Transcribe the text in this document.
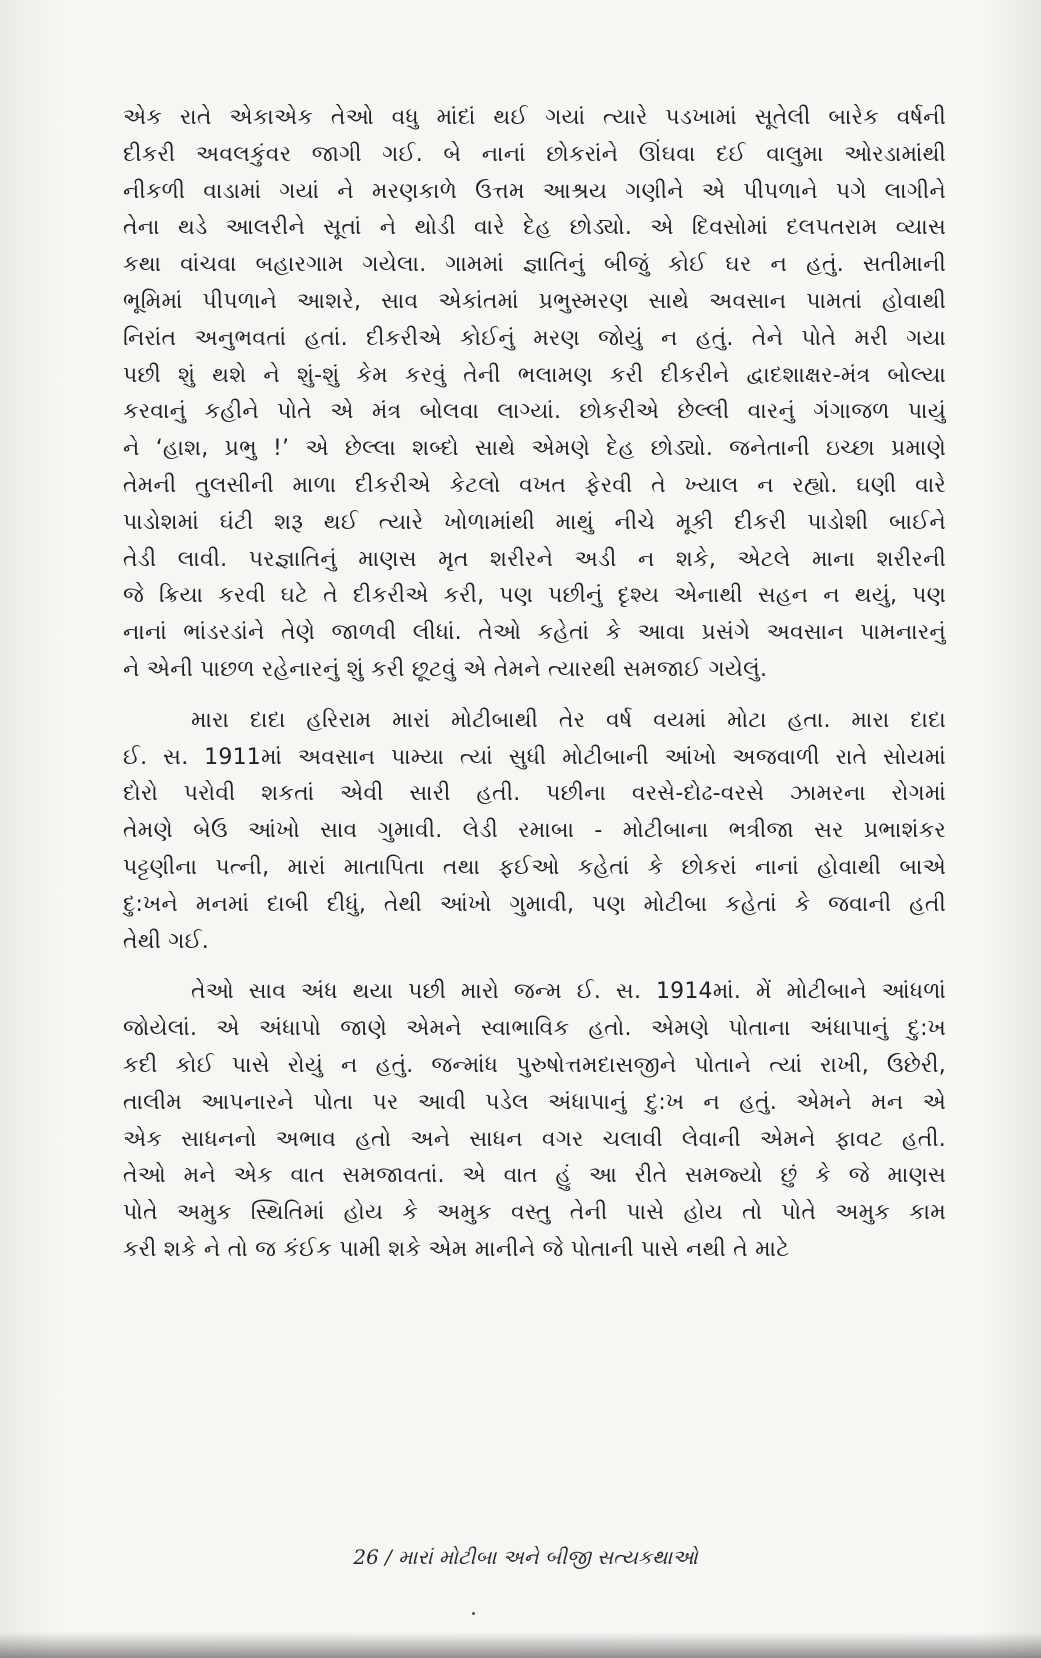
એક રાતે એકાએક તેઓ વધુ માંદાં થઈ ગયાં ત્યારે પડખામાં સૂતેલી બારેક વર્ષની
દીકરી અવલકુંવર જાગી ગઈ. બે નાનાં છોકરાંને ઊંઘવા દઈ વાલુમા ઓરડામાંથી
નીકળી વાડામાં ગયાં ને મરણકાળે ઉત્તમ આશ્રય ગણીને એ પીપળાને પગે લાગીને
તેના થડે આલરીને સૂતાં ને થોડી વારે દેહ છોડ્યો. એ દિવસોમાં દલપતરામ વ્યાસ
કથા વાંચવા બહારગામ ગયેલા. ગામમાં જ્ઞાતિનું બીજું કોઈ ઘર ન હતું. સતીમાની
ભૂમિમાં પીપળાને આશરે, સાવ એકાંતમાં પ્રભુસ્મરણ સાથે અવસાન પામતાં હોવાથી
નિરાંત અનુભવતાં હતાં. દીકરીએ કોઈનું મરણ જોયું ન હતું. તેને પોતે મરી ગયા
પછી શું થશે ને શું-શું કેમ કરવું તેની ભલામણ કરી દીકરીને દ્વાદશાક્ષર-મંત્ર બોલ્યા
કરવાનું કહીને પોતે એ મંત્ર બોલવા લાગ્યાં. છોકરીએ છેલ્લી વારનું ગંગાજળ પાયું
ને ‘હાશ, પ્રભુ !’ એ છેલ્લા શબ્દો સાથે એમણે દેહ છોડ્યો. જનેતાની ઇચ્છા પ્રમાણે
તેમની તુલસીની માળા દીકરીએ કેટલો વખત ફેરવી તે ખ્યાલ ન રહ્યો. ઘણી વારે
પાડોશમાં ઘંટી શરૂ થઈ ત્યારે ખોળામાંથી માથું નીચે મૂકી દીકરી પાડોશી બાઈને
તેડી લાવી. પરજ્ઞાતિનું માણસ મૃત શરીરને અડી ન શકે, એટલે માના શરીરની
જે ક્રિયા કરવી ઘટે તે દીકરીએ કરી, પણ પછીનું દૃશ્ય એનાથી સહન ન થયું, પણ
નાનાં ભાંડરડાંને તેણે જાળવી લીધાં. તેઓ કહેતાં કે આવા પ્રસંગે અવસાન પામનારનું
ને એની પાછળ રહેનારનું શું કરી છૂટવું એ તેમને ત્યારથી સમજાઈ ગયેલું.
મારા દાદા હરિરામ મારાં મોટીબાથી તેર વર્ષ વયમાં મોટા હતા. મારા દાદા
ઈ. સ. 1911માં અવસાન પામ્યા ત્યાં સુધી મોટીબાની આંખો અજવાળી રાતે સોયમાં
દોરો પરોવી શકતાં એવી સારી હતી. પછીના વરસે-દોઢ-વરસે ઝામરના રોગમાં
તેમણે બેઉ આંખો સાવ ગુમાવી. લેડી રમાબા - મોટીબાના ભત્રીજા સર પ્રભાશંકર
પટ્ટણીના પત્ની, મારાં માતાપિતા તથા ફઈઓ કહેતાં કે છોકરાં નાનાં હોવાથી બાએ
દુ:ખને મનમાં દાબી દીધું, તેથી આંખો ગુમાવી, પણ મોટીબા કહેતાં કે જવાની હતી
તેથી ગઈ.
તેઓ સાવ અંધ થયા પછી મારો જન્મ ઈ. સ. 1914માં. મેં મોટીબાને આંધળાં
જોયેલાં. એ અંધાપો જાણે એમને સ્વાભાવિક હતો. એમણે પોતાના અંધાપાનું દુ:ખ
કદી કોઈ પાસે રોયું ન હતું. જન્માંધ પુરુષોત્તમદાસજીને પોતાને ત્યાં રાખી, ઉછેરી,
તાલીમ આપનારને પોતા પર આવી પડેલ અંધાપાનું દુ:ખ ન હતું. એમને મન એ
એક સાધનનો અભાવ હતો અને સાધન વગર ચલાવી લેવાની એમને ફાવટ હતી.
તેઓ મને એક વાત સમજાવતાં. એ વાત હું આ રીતે સમજ્યો છું કે જે માણસ
પોતે અમુક સ્થિતિમાં હોય કે અમુક વસ્તુ તેની પાસે હોય તો પોતે અમુક કામ
કરી શકે ને તો જ કંઈક પામી શકે એમ માનીને જે પોતાની પાસે નથી તે માટે
26 / મારાં મોટીબા અને બીજી સત્યકથાઓ
